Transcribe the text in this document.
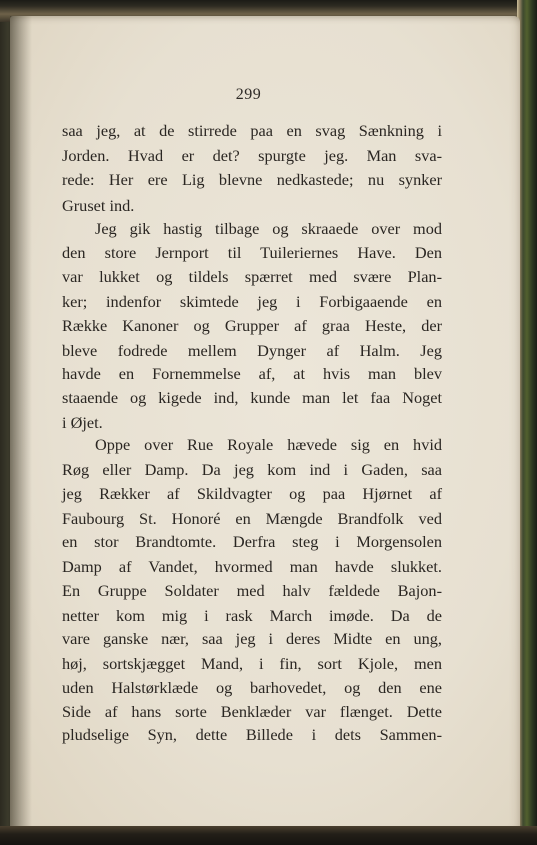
299
saa jeg, at de stirrede paa en svag Sænkning i
Jorden. Hvad er det? spurgte jeg. Man sva-
rede: Her ere Lig blevne nedkastede; nu synker
Gruset ind.
Jeg gik hastig tilbage og skraaede over mod
den store Jernport til Tuileriernes Have. Den
var lukket og tildels spærret med svære Plan-
ker; indenfor skimtede jeg i Forbigaaende en
Række Kanoner og Grupper af graa Heste, der
bleve fodrede mellem Dynger af Halm. Jeg
havde en Fornemmelse af, at hvis man blev
staaende og kigede ind, kunde man let faa Noget
i Øjet.
Oppe over Rue Royale hævede sig en hvid
Røg eller Damp. Da jeg kom ind i Gaden, saa
jeg Rækker af Skildvagter og paa Hjørnet af
Faubourg St. Honoré en Mængde Brandfolk ved
en stor Brandtomte. Derfra steg i Morgensolen
Damp af Vandet, hvormed man havde slukket.
En Gruppe Soldater med halv fældede Bajon-
netter kom mig i rask March imøde. Da de
vare ganske nær, saa jeg i deres Midte en ung,
høj, sortskjægget Mand, i fin, sort Kjole, men
uden Halstørklæde og barhovedet, og den ene
Side af hans sorte Benklæder var flænget. Dette
pludselige Syn, dette Billede i dets Sammen-
